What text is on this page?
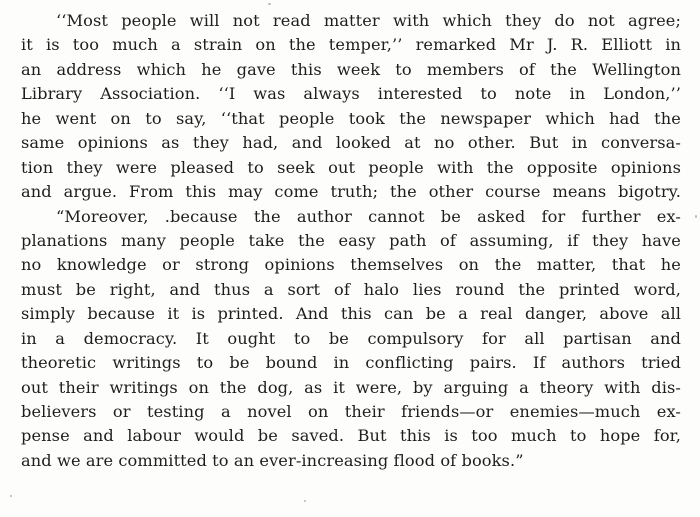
‘‘Most people will not read matter with which they do not agree;
it is too much a strain on the temper,’’ remarked Mr J. R. Elliott in
an address which he gave this week to members of the Wellington
Library Association. ‘‘I was always interested to note in London,’’
he went on to say, ‘‘that people took the newspaper which had the
same opinions as they had, and looked at no other. But in conversa-
tion they were pleased to seek out people with the opposite opinions
and argue. From this may come truth; the other course means bigotry.
“Moreover, .because the author cannot be asked for further ex-
planations many people take the easy path of assuming, if they have
no knowledge or strong opinions themselves on the matter, that he
must be right, and thus a sort of halo lies round the printed word,
simply because it is printed. And this can be a real danger, above all
in a democracy. It ought to be compulsory for all partisan and
theoretic writings to be bound in conflicting pairs. If authors tried
out their writings on the dog, as it were, by arguing a theory with dis-
believers or testing a novel on their friends—or enemies—much ex-
pense and labour would be saved. But this is too much to hope for,
and we are committed to an ever-increasing flood of books.”
